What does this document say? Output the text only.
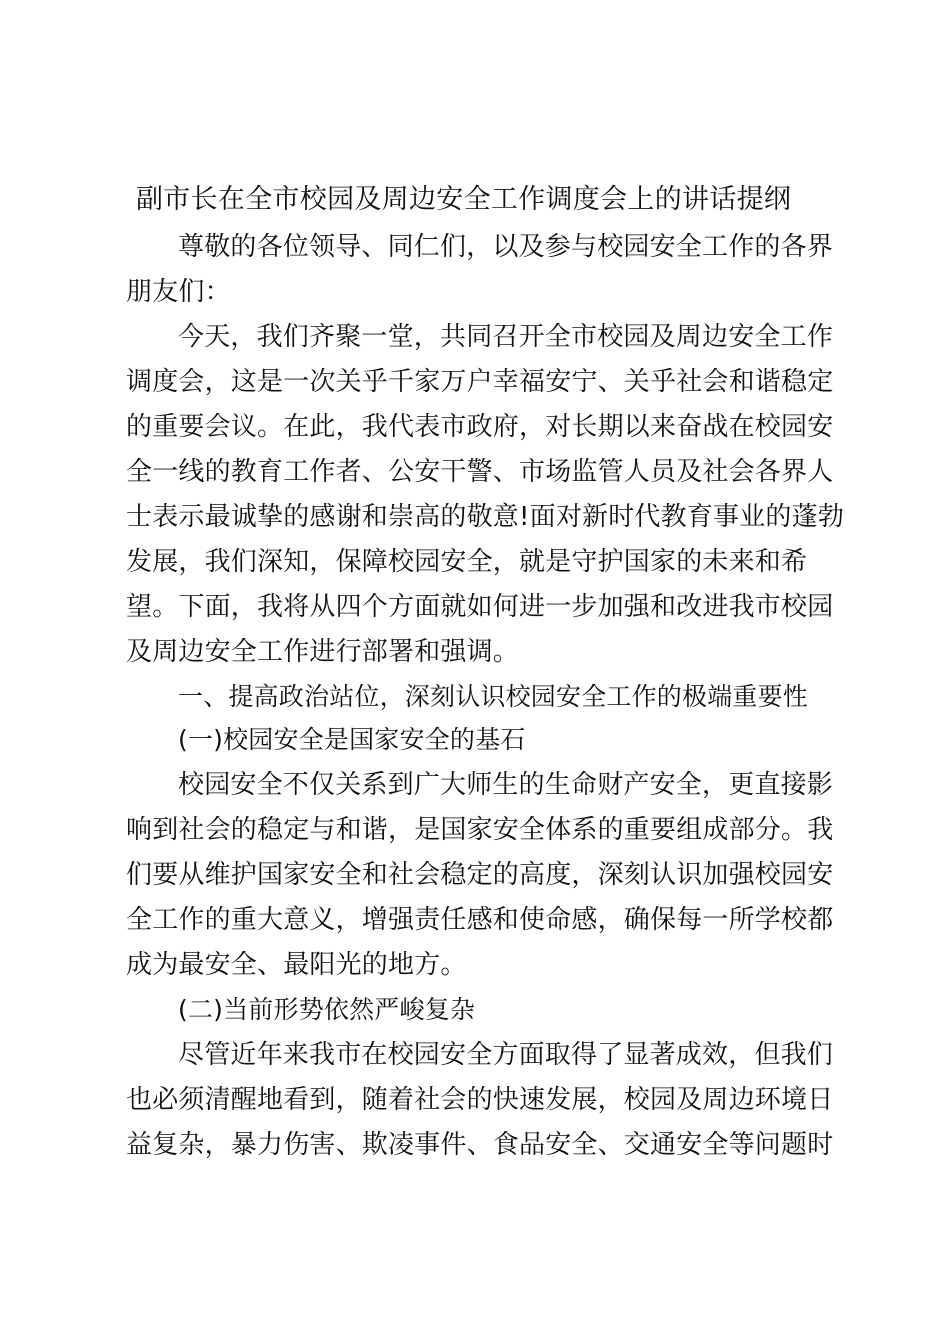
副市长在全市校园及周边安全工作调度会上的讲话提纲
尊敬的各位领导、同仁们，以及参与校园安全工作的各界
朋友们：
今天，我们齐聚一堂，共同召开全市校园及周边安全工作
调度会，这是一次关乎千家万户幸福安宁、关乎社会和谐稳定
的重要会议。在此，我代表市政府，对长期以来奋战在校园安
全一线的教育工作者、公安干警、市场监管人员及社会各界人
士表示最诚挚的感谢和崇高的敬意!面对新时代教育事业的蓬勃
发展，我们深知，保障校园安全，就是守护国家的未来和希
望。下面，我将从四个方面就如何进一步加强和改进我市校园
及周边安全工作进行部署和强调。
一、提高政治站位，深刻认识校园安全工作的极端重要性
(一)校园安全是国家安全的基石
校园安全不仅关系到广大师生的生命财产安全，更直接影
响到社会的稳定与和谐，是国家安全体系的重要组成部分。我
们要从维护国家安全和社会稳定的高度，深刻认识加强校园安
全工作的重大意义，增强责任感和使命感，确保每一所学校都
成为最安全、最阳光的地方。
(二)当前形势依然严峻复杂
尽管近年来我市在校园安全方面取得了显著成效，但我们
也必须清醒地看到，随着社会的快速发展，校园及周边环境日
益复杂，暴力伤害、欺凌事件、食品安全、交通安全等问题时
